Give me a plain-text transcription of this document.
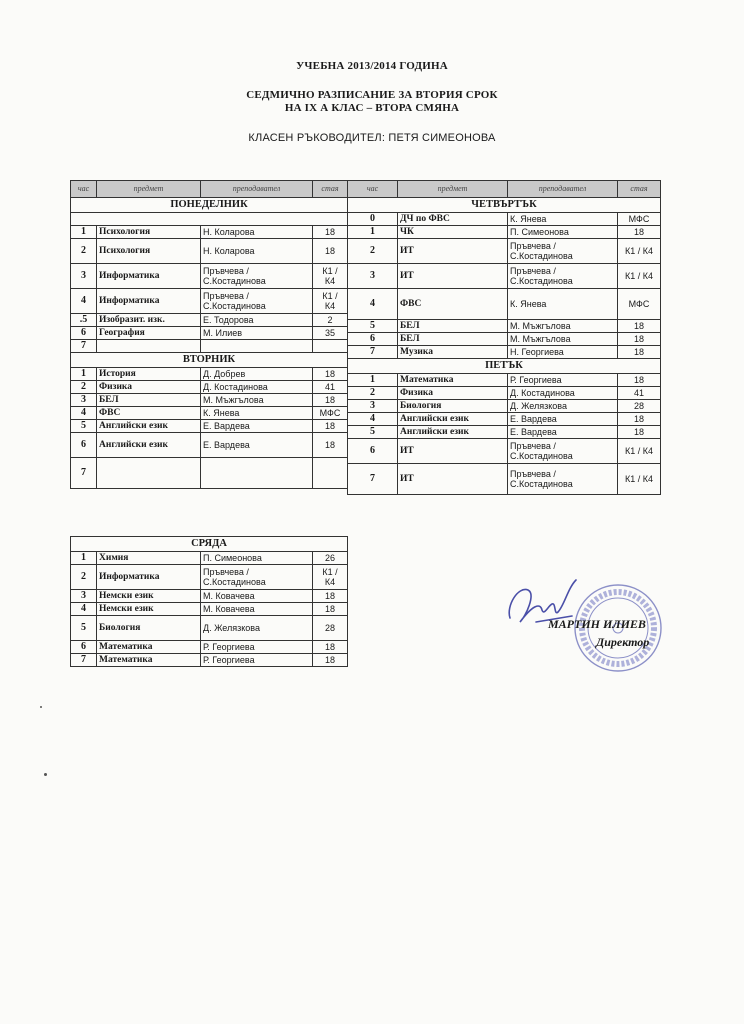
УЧЕБНА 2013/2014 ГОДИНА
СЕДМИЧНО РАЗПИСАНИЕ ЗА ВТОРИЯ СРОК
НА IX А КЛАС – ВТОРА СМЯНА
КЛАСЕН РЪКОВОДИТЕЛ: ПЕТЯ СИМЕОНОВА
час	предмет	преподавател	стая
ПОНЕДЕЛНИК			

1	Психология	Н. Коларова	18
2	Психология	Н. Коларова	18
3	Информатика	Пръвчева /
С.Костадинова	К1 /
К4
4	Информатика	Пръвчева /
С.Костадинова	К1 /
К4
.5	Изобразит. изк.	Е. Тодорова	2
6	География	М. Илиев	35
7			
ВТОРНИК			
1	История	Д. Добрев	18
2	Физика	Д. Костадинова	41
3	БЕЛ	М. Мъжгълова	18
4	ФВС	К. Янева	МФС
5	Английски език	Е. Вардева	18
6	Английски език	Е. Вардева	18
7			
час	предмет	преподавател	стая
ЧЕТВЪРТЪК			
0	ДЧ по ФВС	К. Янева	МФС
1	ЧК	П. Симеонова	18
2	ИТ	Пръвчева /
С.Костадинова	К1 / К4
3	ИТ	Пръвчева /
С.Костадинова	К1 / К4
4	ФВС	К. Янева	МФС
5	БЕЛ	М. Мъжгълова	18
6	БЕЛ	М. Мъжгълова	18
7	Музика	Н. Георгиева	18
ПЕТЪК			
1	Математика	Р. Георгиева	18
2	Физика	Д. Костадинова	41
3	Биология	Д. Желязкова	28
4	Английски език	Е. Вардева	18
5	Английски език	Е. Вардева	18
6	ИТ	Пръвчева /
С.Костадинова	К1 / К4
7	ИТ	Пръвчева /
С.Костадинова	К1 / К4
СРЯДА			
1	Химия	П. Симеонова	26
2	Информатика	Пръвчева /
С.Костадинова	К1 /
К4
3	Немски език	М. Ковачева	18
4	Немски език	М. Ковачева	18
5	Биология	Д. Желязкова	28
6	Математика	Р. Георгиева	18
7	Математика	Р. Георгиева	18
МАРТИН ИЛИЕВ
Директор
